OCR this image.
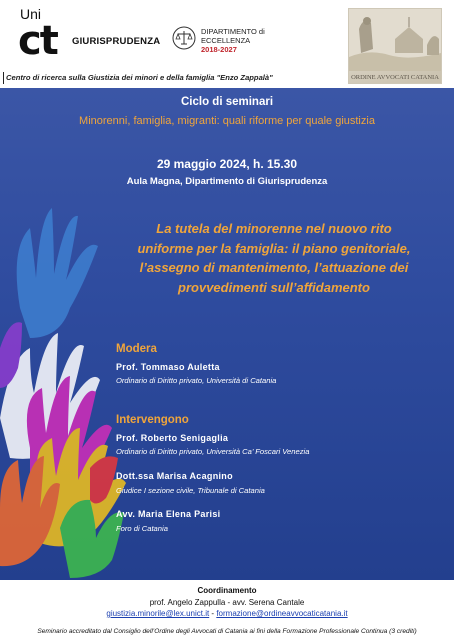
Uni
ct GIURISPRUDENZA
DIPARTIMENTO di
ECCELLENZA
2018-2027
ORDINE AVVOCATI CATANIA
Centro di ricerca sulla Giustizia dei minori e della famiglia "Enzo Zappalà"
Ciclo di seminari
Minorenni, famiglia, migranti: quali riforme per quale giustizia
29 maggio 2024, h. 15.30
Aula Magna, Dipartimento di Giurisprudenza
La tutela del minorenne nel nuovo rito
uniforme per la famiglia: il piano genitoriale,
l’assegno di mantenimento, l’attuazione dei
provvedimenti sull’affidamento
Modera
Prof. Tommaso Auletta
Ordinario di Diritto privato, Università di Catania
Intervengono
Prof. Roberto Senigaglia
Ordinario di Diritto privato, Università Ca’ Foscari Venezia
Dott.ssa Marisa Acagnino
Giudice I sezione civile, Tribunale di Catania
Avv. Maria Elena Parisi
Foro di Catania
Coordinamento
prof. Angelo Zappulla - avv. Serena Cantale
giustizia.minorile@lex.unict.it - formazione@ordineavvocaticatania.it
Seminario accreditato dal Consiglio dell’Ordine degli Avvocati di Catania ai fini della Formazione Professionale Continua (3 crediti)
